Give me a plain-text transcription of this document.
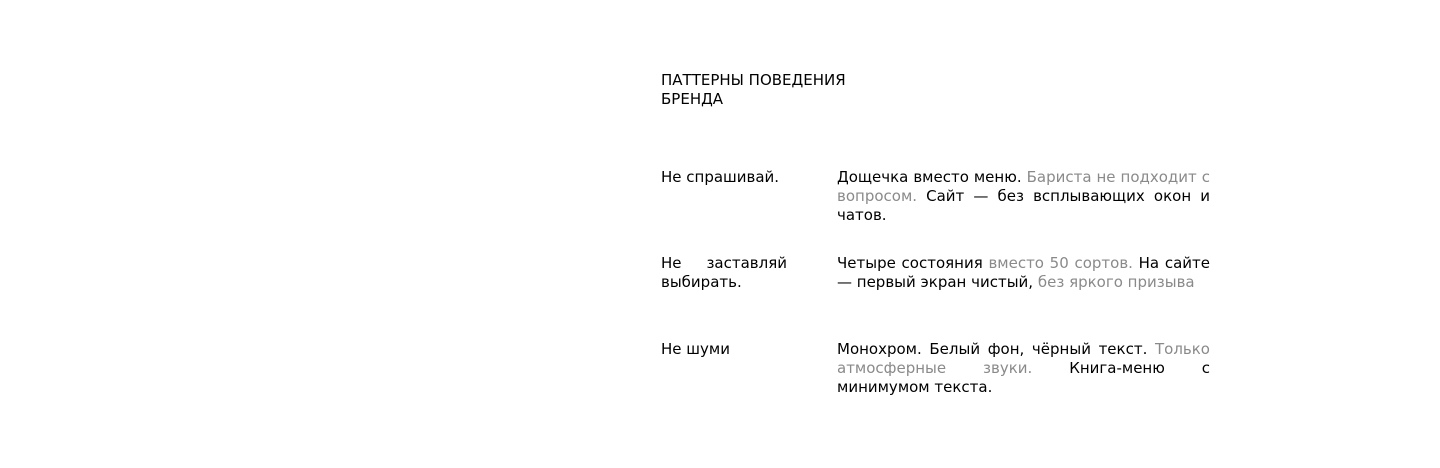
ПАТТЕРНЫ ПОВЕДЕНИЯ
БРЕНДА

Не спрашивай.	Дощечка вместо меню. Бариста не подходит с вопросом. Сайт — без всплывающих окон и чатов.

Не заставляй выбирать.

Четыре состояния вместо 50 сортов. На сайте — первый экран чистый, без яркого призыва

Не шуми	Монохром. Белый фон, чёрный текст. Только атмосферные звуки. Книга-меню с минимумом текста.
